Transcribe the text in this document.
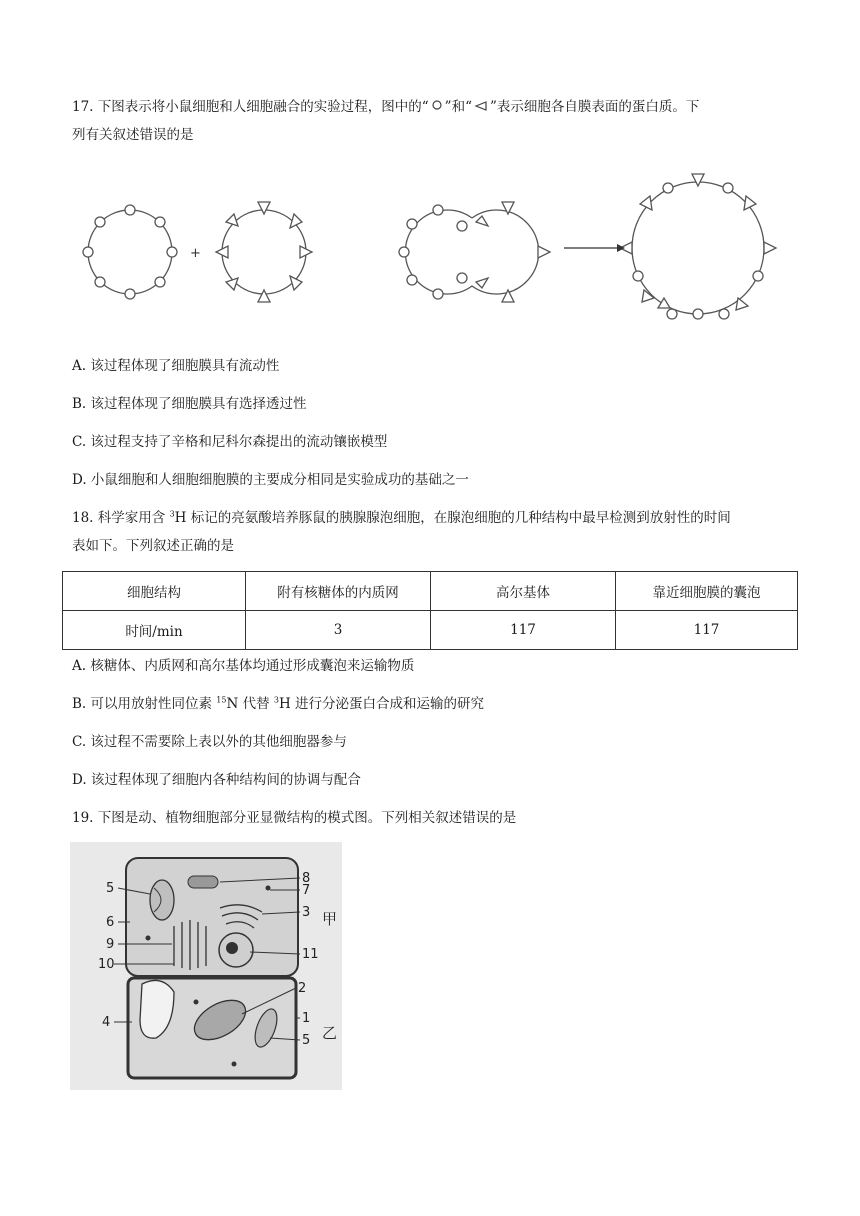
17. 下图表示将小鼠细胞和人细胞融合的实验过程，图中的“ ”和“ ”表示细胞各自膜表面的蛋白质。下
列有关叙述错误的是
+
A. 该过程体现了细胞膜具有流动性
B. 该过程体现了细胞膜具有选择透过性
C. 该过程支持了辛格和尼科尔森提出的流动镶嵌模型
D. 小鼠细胞和人细胞细胞膜的主要成分相同是实验成功的基础之一
18. 科学家用含 $^3$H 标记的亮氨酸培养豚鼠的胰腺腺泡细胞，在腺泡细胞的几种结构中最早检测到放射性的时间
表如下。下列叙述正确的是
细胞结构	附有核糖体的内质网	高尔基体	靠近细胞膜的囊泡
时间/min	3	117	117
A. 核糖体、内质网和高尔基体均通过形成囊泡来运输物质
B. 可以用放射性同位素 $^{15}$N 代替 $^3$H 进行分泌蛋白合成和运输的研究
C. 该过程不需要除上表以外的其他细胞器参与
D. 该过程体现了细胞内各种结构间的协调与配合
19. 下图是动、植物细胞部分亚显微结构的模式图。下列相关叙述错误的是
5
6
9
10
4
8
7
3
11
2
1
5
甲
乙
